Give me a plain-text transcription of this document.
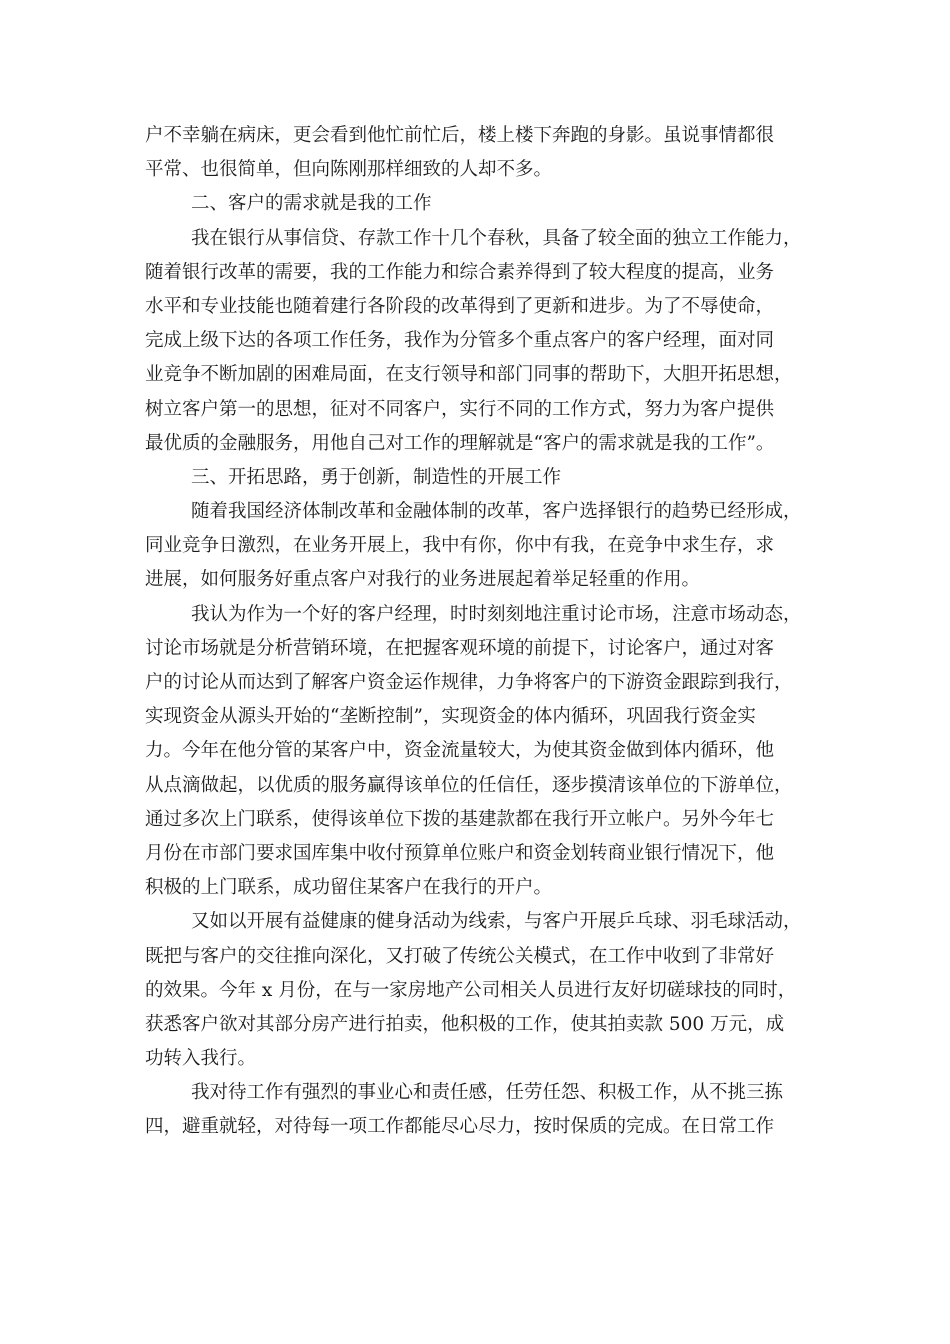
户不幸躺在病床，更会看到他忙前忙后，楼上楼下奔跑的身影。虽说事情都很
平常、也很简单，但向陈刚那样细致的人却不多。
二、客户的需求就是我的工作
我在银行从事信贷、存款工作十几个春秋，具备了较全面的独立工作能力，
随着银行改革的需要，我的工作能力和综合素养得到了较大程度的提高，业务
水平和专业技能也随着建行各阶段的改革得到了更新和进步。为了不辱使命，
完成上级下达的各项工作任务，我作为分管多个重点客户的客户经理，面对同
业竞争不断加剧的困难局面，在支行领导和部门同事的帮助下，大胆开拓思想，
树立客户第一的思想，征对不同客户，实行不同的工作方式，努力为客户提供
最优质的金融服务，用他自己对工作的理解就是“客户的需求就是我的工作”。
三、开拓思路，勇于创新，制造性的开展工作
随着我国经济体制改革和金融体制的改革，客户选择银行的趋势已经形成，
同业竞争日激烈，在业务开展上，我中有你，你中有我，在竞争中求生存，求
进展，如何服务好重点客户对我行的业务进展起着举足轻重的作用。
我认为作为一个好的客户经理，时时刻刻地注重讨论市场，注意市场动态，
讨论市场就是分析营销环境，在把握客观环境的前提下，讨论客户，通过对客
户的讨论从而达到了解客户资金运作规律，力争将客户的下游资金跟踪到我行，
实现资金从源头开始的“垄断控制”，实现资金的体内循环，巩固我行资金实
力。今年在他分管的某客户中，资金流量较大，为使其资金做到体内循环，他
从点滴做起，以优质的服务赢得该单位的任信任，逐步摸清该单位的下游单位，
通过多次上门联系，使得该单位下拨的基建款都在我行开立帐户。另外今年七
月份在市部门要求国库集中收付预算单位账户和资金划转商业银行情况下，他
积极的上门联系，成功留住某客户在我行的开户。
又如以开展有益健康的健身活动为线索，与客户开展乒乓球、羽毛球活动，
既把与客户的交往推向深化，又打破了传统公关模式，在工作中收到了非常好
的效果。今年 x 月份，在与一家房地产公司相关人员进行友好切磋球技的同时，
获悉客户欲对其部分房产进行拍卖，他积极的工作，使其拍卖款 500 万元，成
功转入我行。
我对待工作有强烈的事业心和责任感，任劳任怨、积极工作，从不挑三拣
四，避重就轻，对待每一项工作都能尽心尽力，按时保质的完成。在日常工作
